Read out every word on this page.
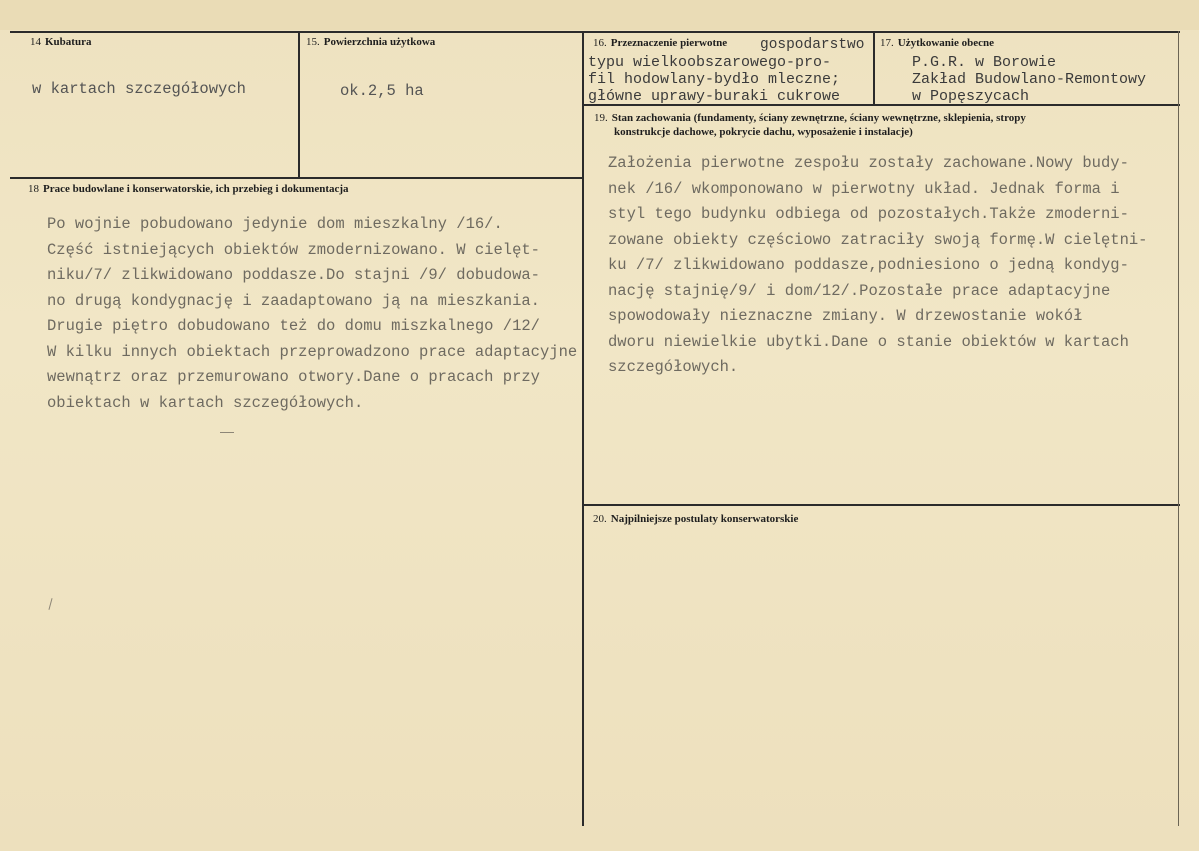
14 Kubatura
w kartach szczegółowych
15. Powierzchnia użytkowa
ok.2,5 ha
16. Przeznaczenie pierwotne gospodarstwo
typu wielkoobszarowego-pro-
fil hodowlany-bydło mleczne;
główne uprawy-buraki cukrowe
17. Użytkowanie obecne
P.G.R. w Borowie
Zakład Budowlano-Remontowy
w Popęszycach
18 Prace budowlane i konserwatorskie, ich przebieg i dokumentacja
Po wojnie pobudowano jedynie dom mieszkalny /16/.
Część istniejących obiektów zmodernizowano. W cielęt-
niku/7/ zlikwidowano poddasze.Do stajni /9/ dobudowa-
no drugą kondygnację i zaadaptowano ją na mieszkania.
Drugie piętro dobudowano też do domu miszkalnego /12/
W kilku innych obiektach przeprowadzono prace adaptacyjne
wewnątrz oraz przemurowano otwory.Dane o pracach przy
obiektach w kartach szczegółowych.
19. Stan zachowania (fundamenty, ściany zewnętrzne, ściany wewnętrzne, sklepienia, stropy
konstrukcje dachowe, pokrycie dachu, wyposażenie i instalacje)
Założenia pierwotne zespołu zostały zachowane.Nowy budy-
nek /16/ wkomponowano w pierwotny układ. Jednak forma i
styl tego budynku odbiega od pozostałych.Także zmoderni-
zowane obiekty częściowo zatraciły swoją formę.W cielętni-
ku /7/ zlikwidowano poddasze,podniesiono o jedną kondyg-
nację stajnię/9/ i dom/12/.Pozostałe prace adaptacyjne
spowodowały nieznaczne zmiany. W drzewostanie wokół
dworu niewielkie ubytki.Dane o stanie obiektów w kartach
szczegółowych.
20. Najpilniejsze postulaty konserwatorskie
